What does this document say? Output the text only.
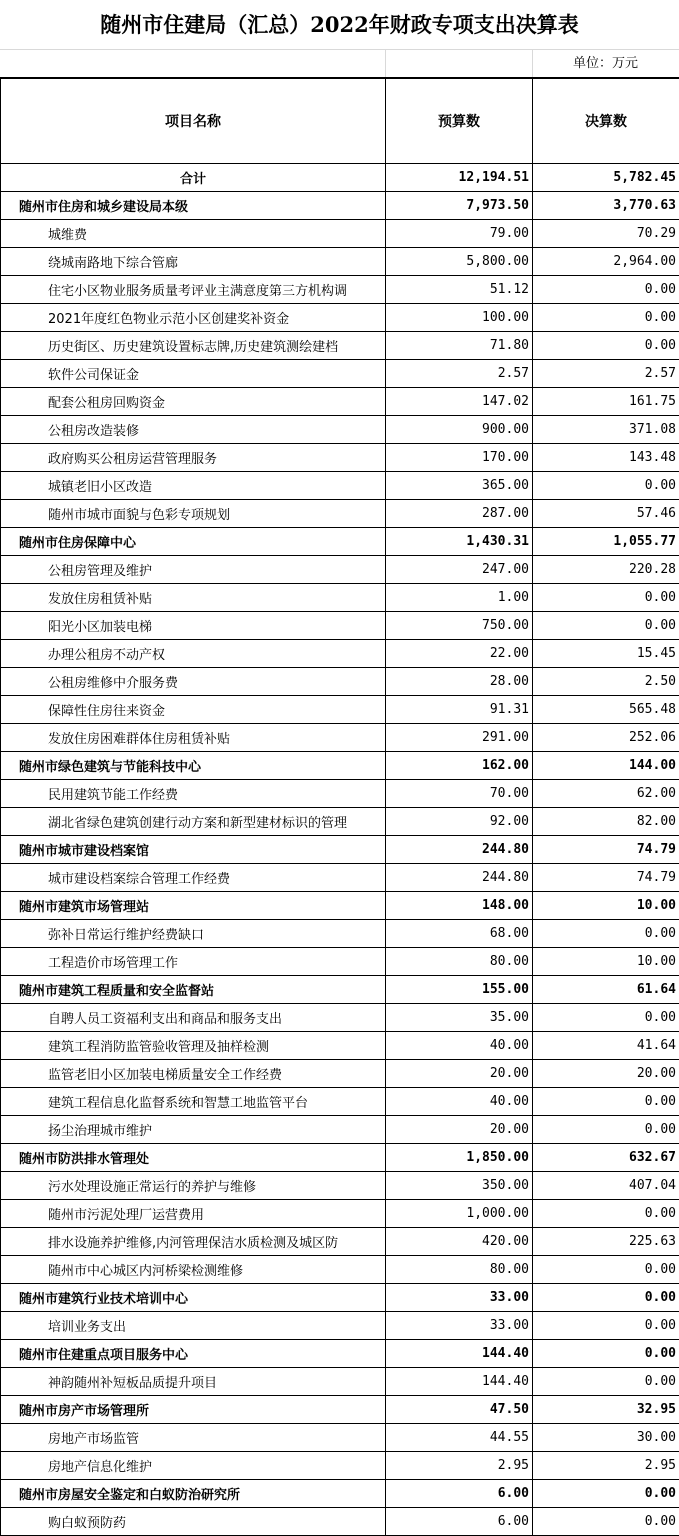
随州市住建局（汇总）2022年财政专项支出决算表
单位：万元
项目名称	预算数	决算数
合计	12,194.51	5,782.45
随州市住房和城乡建设局本级	7,973.50	3,770.63
城维费	79.00	70.29
绕城南路地下综合管廊	5,800.00	2,964.00
住宅小区物业服务质量考评业主满意度第三方机构调	51.12	0.00
2021年度红色物业示范小区创建奖补资金	100.00	0.00
历史街区、历史建筑设置标志牌,历史建筑测绘建档	71.80	0.00
软件公司保证金	2.57	2.57
配套公租房回购资金	147.02	161.75
公租房改造装修	900.00	371.08
政府购买公租房运营管理服务	170.00	143.48
城镇老旧小区改造	365.00	0.00
随州市城市面貌与色彩专项规划	287.00	57.46
随州市住房保障中心	1,430.31	1,055.77
公租房管理及维护	247.00	220.28
发放住房租赁补贴	1.00	0.00
阳光小区加装电梯	750.00	0.00
办理公租房不动产权	22.00	15.45
公租房维修中介服务费	28.00	2.50
保障性住房往来资金	91.31	565.48
发放住房困难群体住房租赁补贴	291.00	252.06
随州市绿色建筑与节能科技中心	162.00	144.00
民用建筑节能工作经费	70.00	62.00
湖北省绿色建筑创建行动方案和新型建材标识的管理	92.00	82.00
随州市城市建设档案馆	244.80	74.79
城市建设档案综合管理工作经费	244.80	74.79
随州市建筑市场管理站	148.00	10.00
弥补日常运行维护经费缺口	68.00	0.00
工程造价市场管理工作	80.00	10.00
随州市建筑工程质量和安全监督站	155.00	61.64
自聘人员工资福利支出和商品和服务支出	35.00	0.00
建筑工程消防监管验收管理及抽样检测	40.00	41.64
监管老旧小区加装电梯质量安全工作经费	20.00	20.00
建筑工程信息化监督系统和智慧工地监管平台	40.00	0.00
扬尘治理城市维护	20.00	0.00
随州市防洪排水管理处	1,850.00	632.67
污水处理设施正常运行的养护与维修	350.00	407.04
随州市污泥处理厂运营费用	1,000.00	0.00
排水设施养护维修,内河管理保洁水质检测及城区防	420.00	225.63
随州市中心城区内河桥梁检测维修	80.00	0.00
随州市建筑行业技术培训中心	33.00	0.00
培训业务支出	33.00	0.00
随州市住建重点项目服务中心	144.40	0.00
神韵随州补短板品质提升项目	144.40	0.00
随州市房产市场管理所	47.50	32.95
房地产市场监管	44.55	30.00
房地产信息化维护	2.95	2.95
随州市房屋安全鉴定和白蚁防治研究所	6.00	0.00
购白蚁预防药	6.00	0.00
